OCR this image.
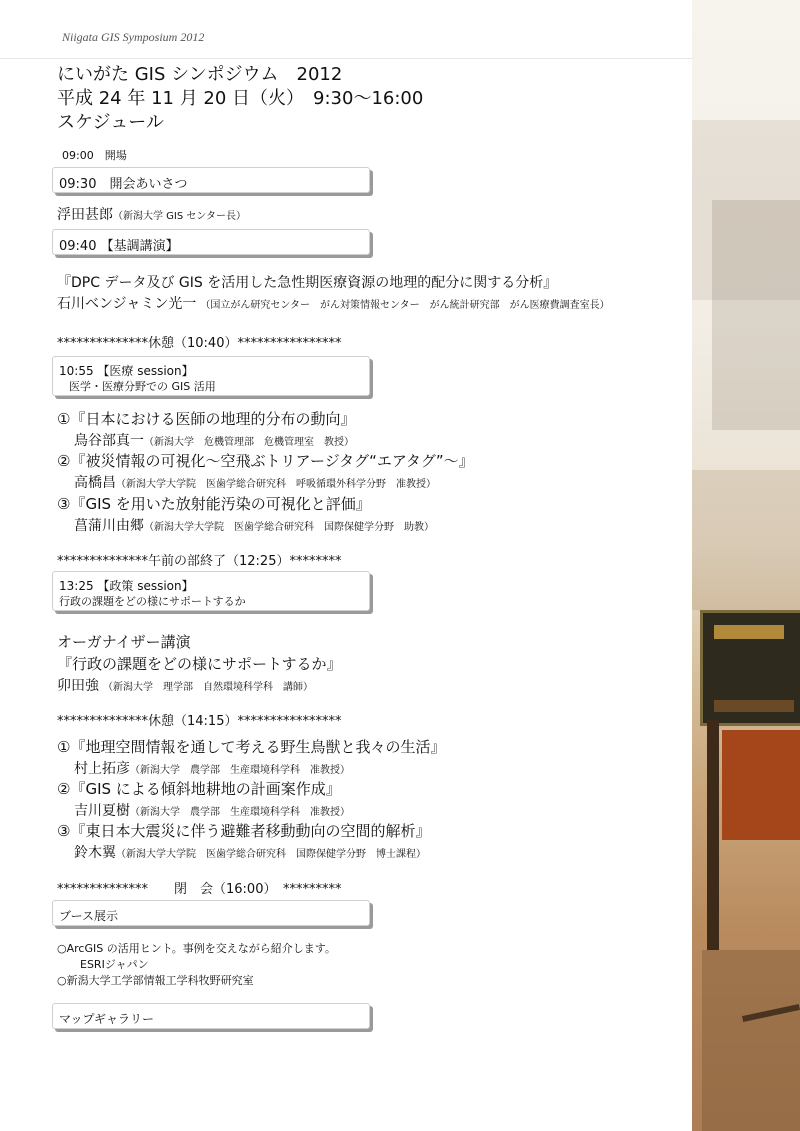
Niigata GIS Symposium 2012
にいがた GIS シンポジウム　2012
平成 24 年 11 月 20 日（火）　9:30〜16:00
スケジュール
09:00　開場
09:30　開会あいさつ
浮田甚郎（新潟大学 GIS センター長）
09:40 【基調講演】
『DPC データ及び GIS を活用した急性期医療資源の地理的配分に関する分析』
石川ベンジャミン光一 （国立がん研究センター　がん対策情報センター　がん統計研究部　がん医療費調査室長）
**************休憩（10:40）****************
10:55 【医療 session】
医学・医療分野での GIS 活用
①『日本における医師の地理的分布の動向』
鳥谷部真一（新潟大学　危機管理部　危機管理室　教授）
②『被災情報の可視化〜空飛ぶトリアージタグ“エアタグ”〜』
高橋昌（新潟大学大学院　医歯学総合研究科　呼吸循環外科学分野　准教授）
③『GIS を用いた放射能汚染の可視化と評価』
菖蒲川由郷（新潟大学大学院　医歯学総合研究科　国際保健学分野　助教）
**************午前の部終了（12:25）********
13:25 【政策 session】
行政の課題をどの様にサポートするか
オーガナイザー講演
『行政の課題をどの様にサポートするか』
卯田強 （新潟大学　理学部　自然環境科学科　講師）
**************休憩（14:15）****************
①『地理空間情報を通して考える野生鳥獣と我々の生活』
村上拓彦（新潟大学　農学部　生産環境科学科　准教授）
②『GIS による傾斜地耕地の計画案作成』
吉川夏樹（新潟大学　農学部　生産環境科学科　准教授）
③『東日本大震災に伴う避難者移動動向の空間的解析』
鈴木翼（新潟大学大学院　医歯学総合研究科　国際保健学分野　博士課程）
**************　　閉　会（16:00）　*********
ブース展示
○ArcGIS の活用ヒント。事例を交えながら紹介します。
ESRIジャパン
○新潟大学工学部情報工学科牧野研究室
マップギャラリー
